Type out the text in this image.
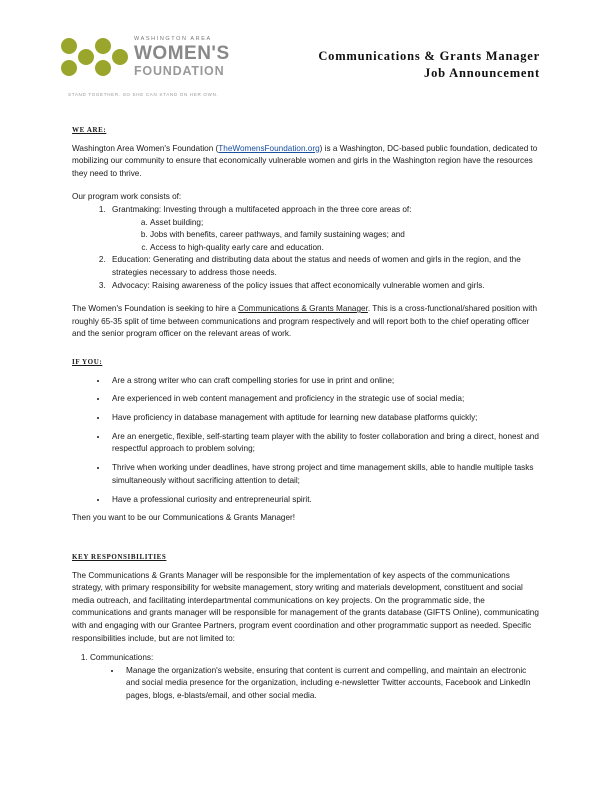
WASHINGTON AREA
WOMEN'S
FOUNDATION
STAND TOGETHER. SO SHE CAN STAND ON HER OWN.
Communications & Grants Manager
Job Announcement
WE ARE:

Washington Area Women's Foundation (TheWomensFoundation.org) is a Washington, DC-based public foundation, dedicated to mobilizing our community to ensure that economically vulnerable women and girls in the Washington region have the resources they need to thrive.

Our program work consists of:

1. Grantmaking: Investing through a multifaceted approach in the three core areas of:
a. Asset building;
b. Jobs with benefits, career pathways, and family sustaining wages; and
c. Access to high-quality early care and education.
2. Education: Generating and distributing data about the status and needs of women and girls in the region, and the strategies necessary to address those needs.
3. Advocacy: Raising awareness of the policy issues that affect economically vulnerable women and girls.

The Women's Foundation is seeking to hire a Communications & Grants Manager. This is a cross-functional/shared position with roughly 65-35 split of time between communications and program respectively and will report both to the chief operating officer and the senior program officer on the relevant areas of work.

IF YOU:
• Are a strong writer who can craft compelling stories for use in print and online;
• Are experienced in web content management and proficiency in the strategic use of social media;
• Have proficiency in database management with aptitude for learning new database platforms quickly;
• Are an energetic, flexible, self-starting team player with the ability to foster collaboration and bring a direct, honest and respectful approach to problem solving;
• Thrive when working under deadlines, have strong project and time management skills, able to handle multiple tasks simultaneously without sacrificing attention to detail;
• Have a professional curiosity and entrepreneurial spirit.

Then you want to be our Communications & Grants Manager!

KEY RESPONSIBILITIES

The Communications & Grants Manager will be responsible for the implementation of key aspects of the communications strategy, with primary responsibility for website management, story writing and materials development, constituent and social media outreach, and facilitating interdepartmental communications on key projects. On the programmatic side, the communications and grants manager will be responsible for management of the grants database (GIFTS Online), communicating with and engaging with our Grantee Partners, program event coordination and other programmatic support as needed. Specific responsibilities include, but are not limited to:

1. Communications:
• Manage the organization's website, ensuring that content is current and compelling, and maintain an electronic and social media presence for the organization, including e-newsletter Twitter accounts, Facebook and LinkedIn pages, blogs, e-blasts/email, and other social media.
